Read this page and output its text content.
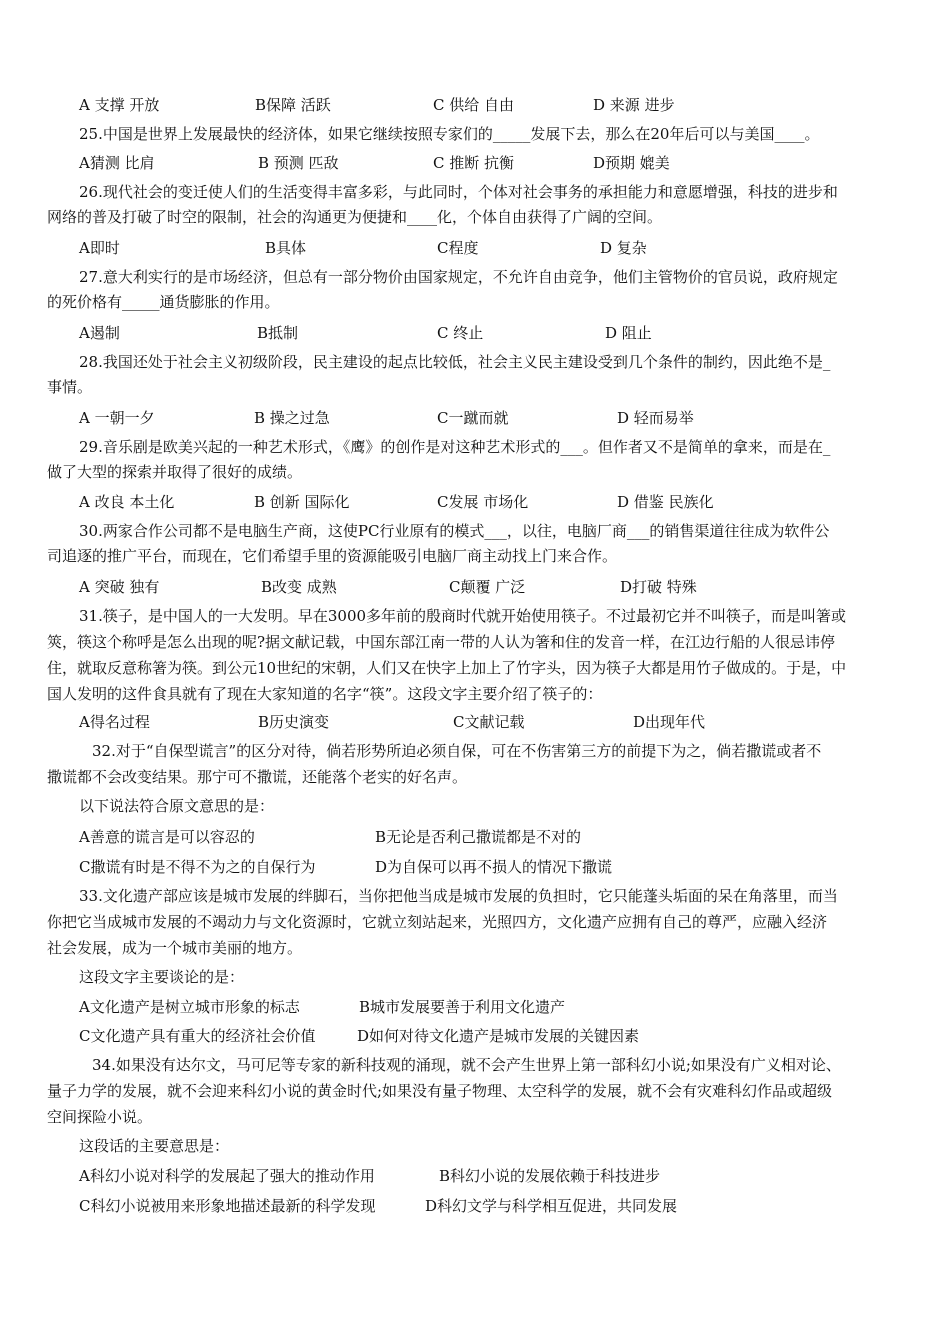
A 支撑 开放	B保障 活跃	C 供给 自由	D 来源 进步
25.中国是世界上发展最快的经济体，如果它继续按照专家们的_____发展下去，那么在20年后可以与美国____。
A猜测 比肩	B 预测 匹敌	C 推断 抗衡	D预期 媲美
26.现代社会的变迁使人们的生活变得丰富多彩，与此同时，个体对社会事务的承担能力和意愿增强，科技的进步和
网络的普及打破了时空的限制，社会的沟通更为便捷和____化，个体自由获得了广阔的空间。
A即时	B具体	C程度	D 复杂
27.意大利实行的是市场经济，但总有一部分物价由国家规定，不允许自由竞争，他们主管物价的官员说，政府规定
的死价格有_____通货膨胀的作用。
A遏制	B抵制	C 终止	D 阻止
28.我国还处于社会主义初级阶段，民主建设的起点比较低，社会主义民主建设受到几个条件的制约，因此绝不是_
事情。
A 一朝一夕	B 操之过急	C一蹴而就	D 轻而易举
29.音乐剧是欧美兴起的一种艺术形式，《鹰》的创作是对这种艺术形式的___。但作者又不是简单的拿来，而是在_
做了大型的探索并取得了很好的成绩。
A 改良 本土化	B 创新 国际化	C发展 市场化	D 借鉴 民族化
30.两家合作公司都不是电脑生产商，这使PC行业原有的模式___，以往，电脑厂商___的销售渠道往往成为软件公
司追逐的推广平台，而现在，它们希望手里的资源能吸引电脑厂商主动找上门来合作。
A 突破 独有	B改变 成熟	C颠覆 广泛	D打破 特殊
31.筷子，是中国人的一大发明。早在3000多年前的殷商时代就开始使用筷子。不过最初它并不叫筷子，而是叫箸或
筴，筷这个称呼是怎么出现的呢?据文献记载，中国东部江南一带的人认为箸和住的发音一样，在江边行船的人很忌讳停
住，就取反意称箸为筷。到公元10世纪的宋朝，人们又在快字上加上了竹字头，因为筷子大都是用竹子做成的。于是，中
国人发明的这件食具就有了现在大家知道的名字“筷”。这段文字主要介绍了筷子的：
A得名过程	B历史演变	C文献记载	D出现年代
32.对于“自保型谎言”的区分对待，倘若形势所迫必须自保，可在不伤害第三方的前提下为之，倘若撒谎或者不
撒谎都不会改变结果。那宁可不撒谎，还能落个老实的好名声。
以下说法符合原文意思的是：
A善意的谎言是可以容忍的	B无论是否利己撒谎都是不对的
C撒谎有时是不得不为之的自保行为	D为自保可以再不损人的情况下撒谎
33.文化遗产部应该是城市发展的绊脚石，当你把他当成是城市发展的负担时，它只能蓬头垢面的呆在角落里，而当
你把它当成城市发展的不竭动力与文化资源时，它就立刻站起来，光照四方，文化遗产应拥有自己的尊严，应融入经济
社会发展，成为一个城市美丽的地方。
这段文字主要谈论的是：
A文化遗产是树立城市形象的标志	B城市发展要善于利用文化遗产
C文化遗产具有重大的经济社会价值	D如何对待文化遗产是城市发展的关键因素
34.如果没有达尔文，马可尼等专家的新科技观的涌现，就不会产生世界上第一部科幻小说;如果没有广义相对论、
量子力学的发展，就不会迎来科幻小说的黄金时代;如果没有量子物理、太空科学的发展，就不会有灾难科幻作品或超级
空间探险小说。
这段话的主要意思是：
A科幻小说对科学的发展起了强大的推动作用	B科幻小说的发展依赖于科技进步
C科幻小说被用来形象地描述最新的科学发现	D科幻文学与科学相互促进，共同发展
